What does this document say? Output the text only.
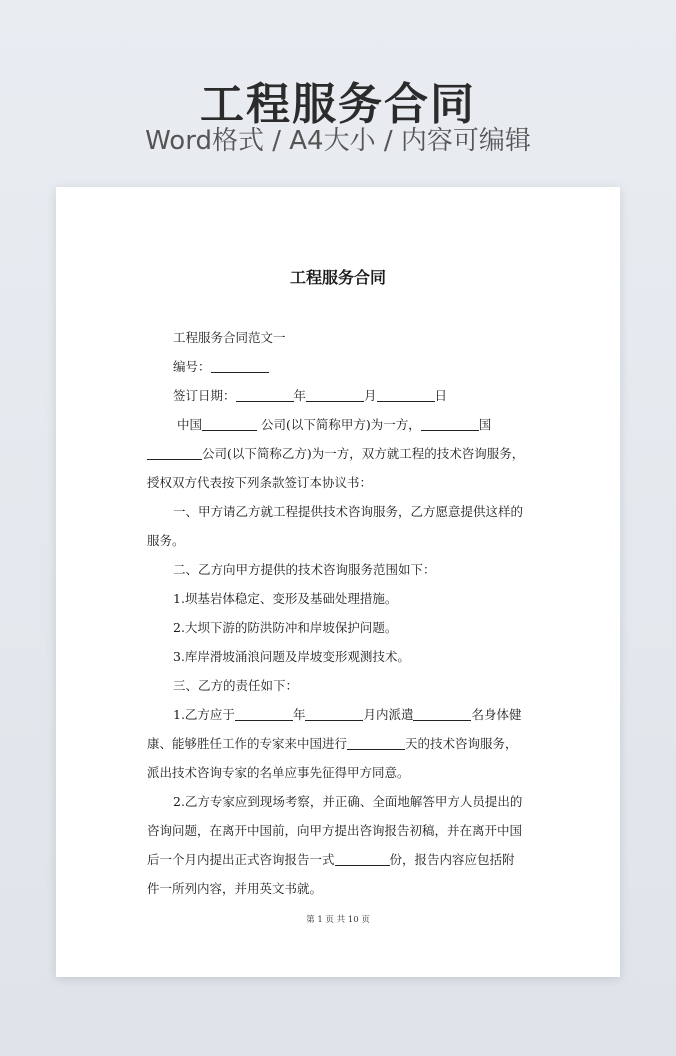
工程服务合同
Word格式 / A4大小 / 内容可编辑
工程服务合同
工程服务合同范文一
编号：
签订日期：	年	月	日
中国	公司(以下简称甲方)为一方，	国
公司(以下简称乙方)为一方，双方就工程的技术咨询服务，
授权双方代表按下列条款签订本协议书：
一、甲方请乙方就工程提供技术咨询服务，乙方愿意提供这样的
服务。
二、乙方向甲方提供的技术咨询服务范围如下：
1.坝基岩体稳定、变形及基础处理措施。
2.大坝下游的防洪防冲和岸坡保护问题。
3.库岸滑坡涌浪问题及岸坡变形观测技术。
三、乙方的责任如下：
1.乙方应于	年	月内派遣	名身体健
康、能够胜任工作的专家来中国进行	天的技术咨询服务，
派出技术咨询专家的名单应事先征得甲方同意。
2.乙方专家应到现场考察，并正确、全面地解答甲方人员提出的
咨询问题，在离开中国前，向甲方提出咨询报告初稿，并在离开中国
后一个月内提出正式咨询报告一式	份，报告内容应包括附
件一所列内容，并用英文书就。
第 1 页 共 10 页
